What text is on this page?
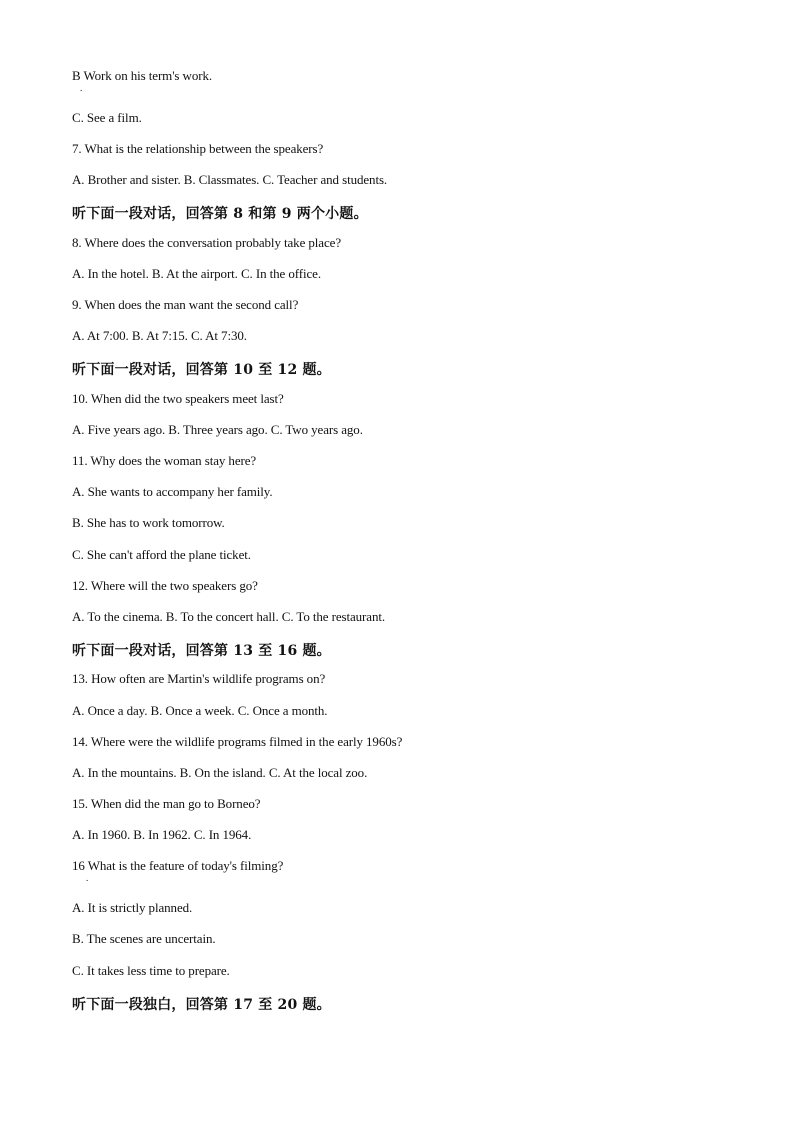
B Work on his term's work.
.
C. See a film.
7. What is the relationship between the speakers?
A. Brother and sister. B. Classmates. C. Teacher and students.
听下面一段对话，回答第 8 和第 9 两个小题。
8. Where does the conversation probably take place?
A. In the hotel. B. At the airport. C. In the office.
9. When does the man want the second call?
A. At 7:00. B. At 7:15. C. At 7:30.
听下面一段对话，回答第 10 至 12 题。
10. When did the two speakers meet last?
A. Five years ago. B. Three years ago. C. Two years ago.
11. Why does the woman stay here?
A. She wants to accompany her family.
B. She has to work tomorrow.
C. She can't afford the plane ticket.
12. Where will the two speakers go?
A. To the cinema. B. To the concert hall. C. To the restaurant.
听下面一段对话，回答第 13 至 16 题。
13. How often are Martin's wildlife programs on?
A. Once a day. B. Once a week. C. Once a month.
14. Where were the wildlife programs filmed in the early 1960s?
A. In the mountains. B. On the island. C. At the local zoo.
15. When did the man go to Borneo?
A. In 1960. B. In 1962. C. In 1964.
16 What is the feature of today's filming?
.
A. It is strictly planned.
B. The scenes are uncertain.
C. It takes less time to prepare.
听下面一段独白，回答第 17 至 20 题。
